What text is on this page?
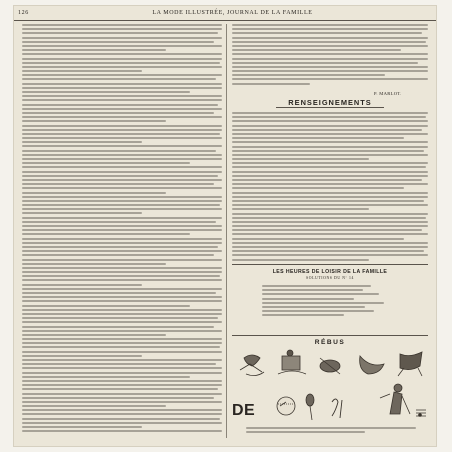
126	LA MODE ILLUSTRÉE, JOURNAL DE LA FAMILLE
P. MARLOT.
RENSEIGNEMENTS
LES HEURES DE LOISIR DE LA FAMILLE
SOLUTIONS DU Nº 14
RÉBUS
DE
